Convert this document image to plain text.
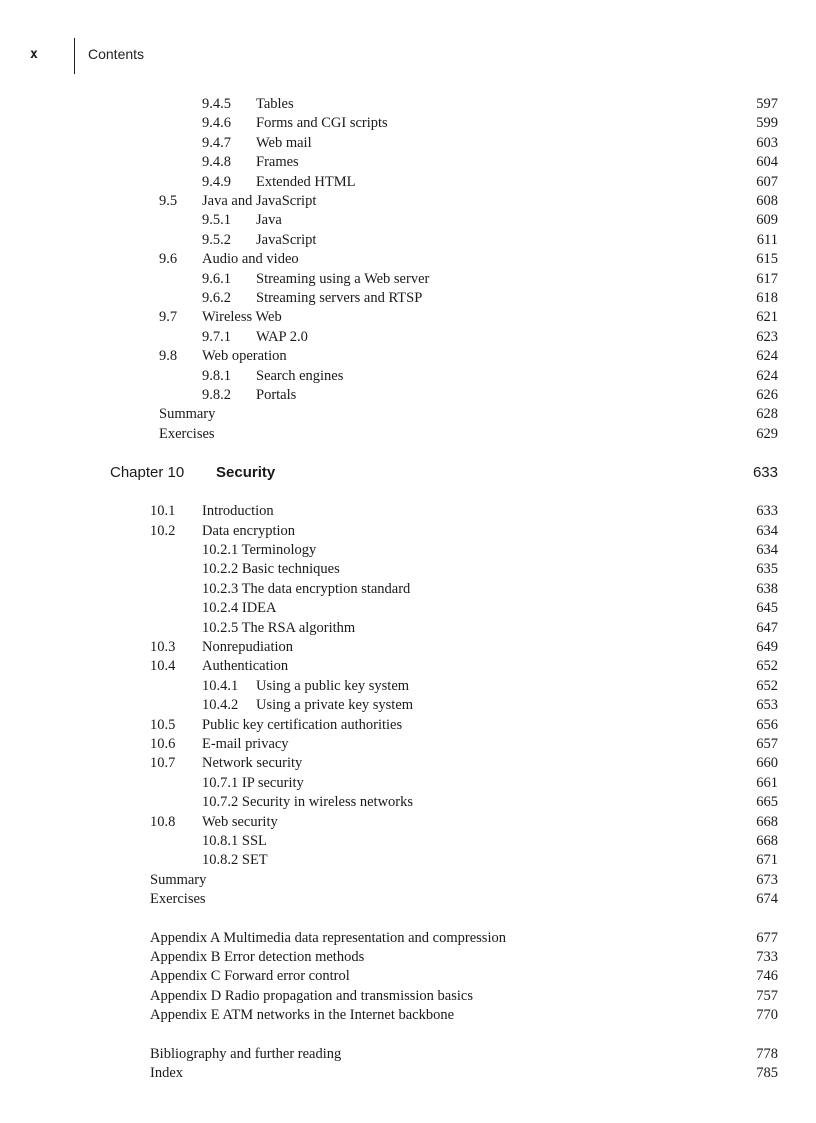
x	Contents
9.4.5 Tables	597
9.4.6 Forms and CGI scripts	599
9.4.7 Web mail	603
9.4.8 Frames	604
9.4.9 Extended HTML	607
9.5 Java and JavaScript	608
9.5.1 Java	609
9.5.2 JavaScript	611
9.6 Audio and video	615
9.6.1 Streaming using a Web server	617
9.6.2 Streaming servers and RTSP	618
9.7 Wireless Web	621
9.7.1 WAP 2.0	623
9.8 Web operation	624
9.8.1 Search engines	624
9.8.2 Portals	626
Summary	628
Exercises	629
Chapter 10 Security	633
10.1 Introduction	633
10.2 Data encryption	634
10.2.1 Terminology	634
10.2.2 Basic techniques	635
10.2.3 The data encryption standard	638
10.2.4 IDEA	645
10.2.5 The RSA algorithm	647
10.3 Nonrepudiation	649
10.4 Authentication	652
10.4.1 Using a public key system	652
10.4.2 Using a private key system	653
10.5 Public key certification authorities	656
10.6 E-mail privacy	657
10.7 Network security	660
10.7.1 IP security	661
10.7.2 Security in wireless networks	665
10.8 Web security	668
10.8.1 SSL	668
10.8.2 SET	671
Summary	673
Exercises	674
Appendix A Multimedia data representation and compression	677
Appendix B Error detection methods	733
Appendix C Forward error control	746
Appendix D Radio propagation and transmission basics	757
Appendix E ATM networks in the Internet backbone	770
Bibliography and further reading	778
Index	785
